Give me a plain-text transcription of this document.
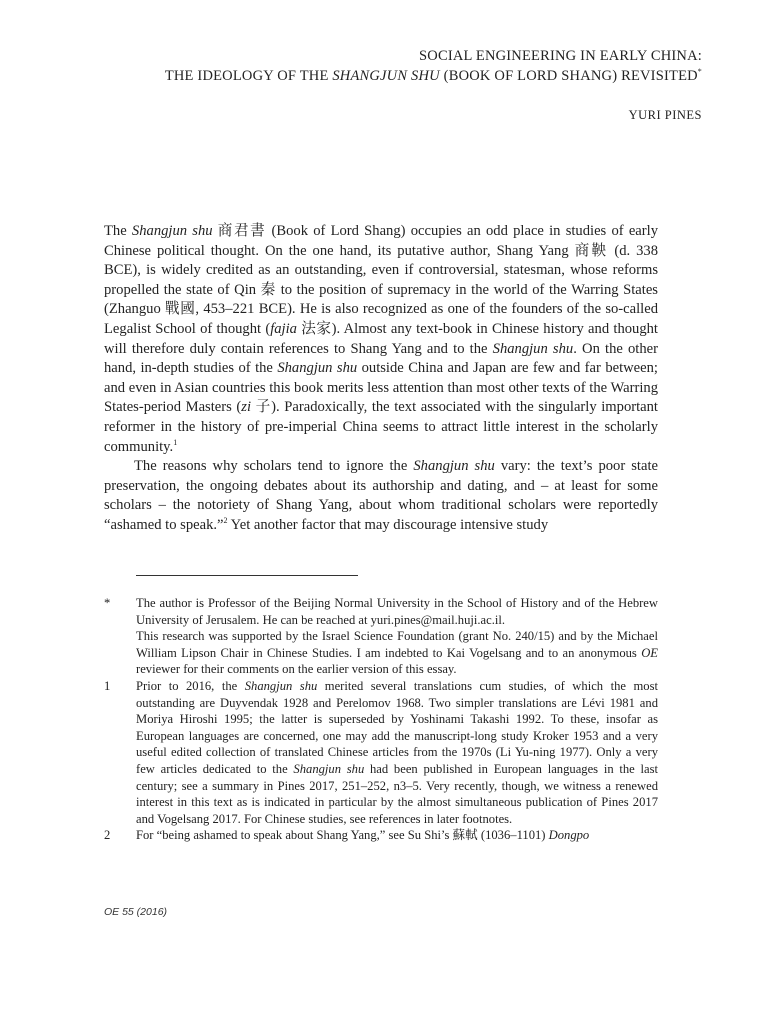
SOCIAL ENGINEERING IN EARLY CHINA:
THE IDEOLOGY OF THE SHANGJUN SHU (BOOK OF LORD SHANG) REVISITED*
YURI PINES

The Shangjun shu 商君書 (Book of Lord Shang) occupies an odd place in studies of early Chinese political thought. On the one hand, its putative author, Shang Yang 商鞅 (d. 338 BCE), is widely credited as an outstanding, even if controversial, statesman, whose reforms propelled the state of Qin 秦 to the position of supremacy in the world of the Warring States (Zhanguo 戰國, 453–221 BCE). He is also recognized as one of the founders of the so-called Legalist School of thought (fajia 法家). Almost any text-book in Chinese history and thought will therefore duly contain references to Shang Yang and to the Shangjun shu. On the other hand, in-depth studies of the Shangjun shu outside China and Japan are few and far between; and even in Asian countries this book merits less attention than most other texts of the Warring States-period Masters (zi 子). Paradoxically, the text associated with the singularly important reformer in the history of pre-imperial China seems to attract little interest in the scholarly community.$^1$

The reasons why scholars tend to ignore the Shangjun shu vary: the text’s poor state preservation, the ongoing debates about its authorship and dating, and – at least for some scholars – the notoriety of Shang Yang, about whom traditional scholars were reportedly “ashamed to speak.”$^2$ Yet another factor that may discourage intensive study

*	The author is Professor of the Beijing Normal University in the School of History and of the Hebrew University of Jerusalem. He can be reached at yuri.pines@mail.huji.ac.il.
This research was supported by the Israel Science Foundation (grant No. 240/15) and by the Michael William Lipson Chair in Chinese Studies. I am indebted to Kai Vogelsang and to an anonymous OE reviewer for their comments on the earlier version of this essay.
1	Prior to 2016, the Shangjun shu merited several translations cum studies, of which the most outstanding are Duyvendak 1928 and Perelomov 1968. Two simpler translations are Lévi 1981 and Moriya Hiroshi 1995; the latter is superseded by Yoshinami Takashi 1992. To these, insofar as European languages are concerned, one may add the manuscript-long study Kroker 1953 and a very useful edited collection of translated Chinese articles from the 1970s (Li Yu-ning 1977). Only a very few articles dedicated to the Shangjun shu had been published in European languages in the last century; see a summary in Pines 2017, 251–252, n3–5. Very recently, though, we witness a renewed interest in this text as is indicated in particular by the almost simultaneous publication of Pines 2017 and Vogelsang 2017. For Chinese studies, see references in later footnotes.
2	For “being ashamed to speak about Shang Yang,” see Su Shi’s 蘇軾 (1036–1101) Dongpo
OE 55 (2016)
